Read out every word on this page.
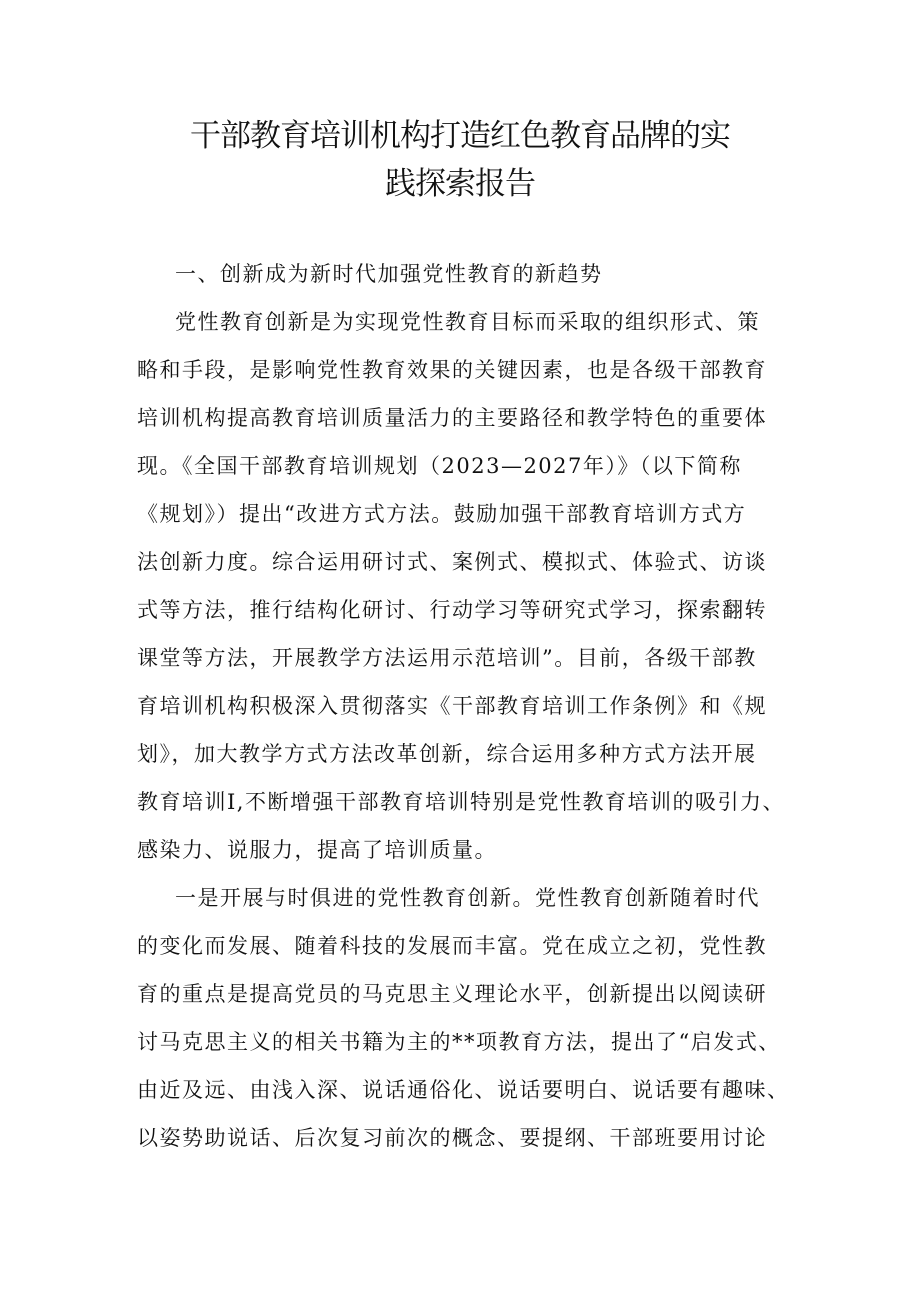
干部教育培训机构打造红色教育品牌的实
践探索报告
一、创新成为新时代加强党性教育的新趋势
党性教育创新是为实现党性教育目标而采取的组织形式、策
略和手段，是影响党性教育效果的关键因素，也是各级干部教育
培训机构提高教育培训质量活力的主要路径和教学特色的重要体
现。《全国干部教育培训规划（2023—2027年）》（以下简称
《规划》）提出“改进方式方法。鼓励加强干部教育培训方式方
法创新力度。综合运用研讨式、案例式、模拟式、体验式、访谈
式等方法，推行结构化研讨、行动学习等研究式学习，探索翻转
课堂等方法，开展教学方法运用示范培训”。目前，各级干部教
育培训机构积极深入贯彻落实《干部教育培训工作条例》和《规
划》，加大教学方式方法改革创新，综合运用多种方式方法开展
教育培训I,不断增强干部教育培训特别是党性教育培训的吸引力、
感染力、说服力，提高了培训质量。
一是开展与时俱进的党性教育创新。党性教育创新随着时代
的变化而发展、随着科技的发展而丰富。党在成立之初，党性教
育的重点是提高党员的马克思主义理论水平，创新提出以阅读研
讨马克思主义的相关书籍为主的**项教育方法，提出了“启发式、
由近及远、由浅入深、说话通俗化、说话要明白、说话要有趣味、
以姿势助说话、后次复习前次的概念、要提纲、干部班要用讨论
